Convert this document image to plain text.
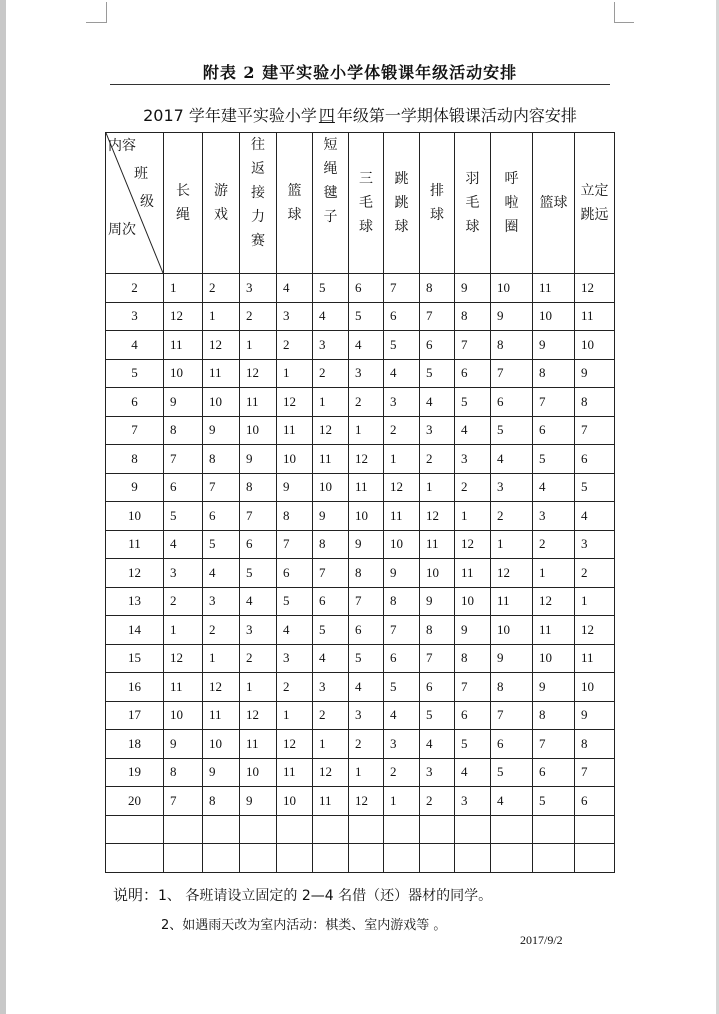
附表 2 建平实验小学体锻课年级活动安排
2017 学年建平实验小学 四 年级第一学期体锻课活动内容安排
内容
班
级
周次	长绳	游戏	往返接力赛	篮球	短绳毽子	三毛球	跳跳球	排球	羽毛球	呼啦圈	篮球	立定跳远

2	1	2	3	4	5	6	7	8	9	10	11	12
3	12	1	2	3	4	5	6	7	8	9	10	11
4	11	12	1	2	3	4	5	6	7	8	9	10
5	10	11	12	1	2	3	4	5	6	7	8	9
6	9	10	11	12	1	2	3	4	5	6	7	8
7	8	9	10	11	12	1	2	3	4	5	6	7
8	7	8	9	10	11	12	1	2	3	4	5	6
9	6	7	8	9	10	11	12	1	2	3	4	5
10	5	6	7	8	9	10	11	12	1	2	3	4
11	4	5	6	7	8	9	10	11	12	1	2	3
12	3	4	5	6	7	8	9	10	11	12	1	2
13	2	3	4	5	6	7	8	9	10	11	12	1
14	1	2	3	4	5	6	7	8	9	10	11	12
15	12	1	2	3	4	5	6	7	8	9	10	11
16	11	12	1	2	3	4	5	6	7	8	9	10
17	10	11	12	1	2	3	4	5	6	7	8	9
18	9	10	11	12	1	2	3	4	5	6	7	8
19	8	9	10	11	12	1	2	3	4	5	6	7
20	7	8	9	10	11	12	1	2	3	4	5	6

说明：1、 各班请设立固定的 2—4 名借（还）器材的同学。
2、如遇雨天改为室内活动：棋类、室内游戏等 。
2017/9/2
